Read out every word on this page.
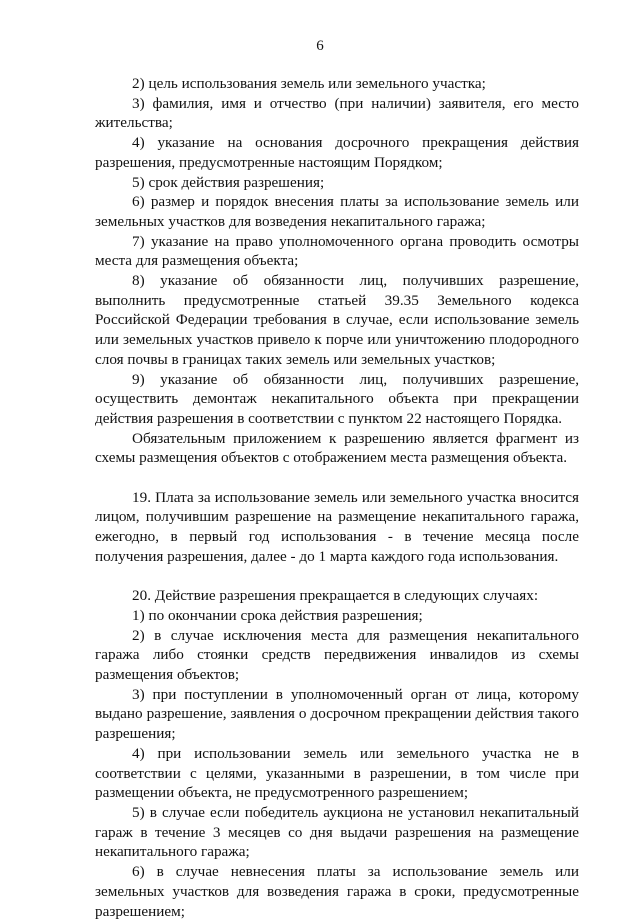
6

2) цель использования земель или земельного участка;

3) фамилия, имя и отчество (при наличии) заявителя, его место жительства;

4) указание на основания досрочного прекращения действия разрешения, предусмотренные настоящим Порядком;

5) срок действия разрешения;

6) размер и порядок внесения платы за использование земель или земельных участков для возведения некапитального гаража;

7) указание на право уполномоченного органа проводить осмотры места для размещения объекта;

8) указание об обязанности лиц, получивших разрешение, выполнить предусмотренные статьей 39.35 Земельного кодекса Российской Федерации требования в случае, если использование земель или земельных участков привело к порче или уничтожению плодородного слоя почвы в границах таких земель или земельных участков;

9) указание об обязанности лиц, получивших разрешение, осуществить демонтаж некапитального объекта при прекращении действия разрешения в соответствии с пунктом 22 настоящего Порядка.

Обязательным приложением к разрешению является фрагмент из схемы размещения объектов с отображением места размещения объекта.

19. Плата за использование земель или земельного участка вносится лицом, получившим разрешение на размещение некапитального гаража, ежегодно, в первый год использования - в течение месяца после получения разрешения, далее - до 1 марта каждого года использования.

20. Действие разрешения прекращается в следующих случаях:

1) по окончании срока действия разрешения;

2) в случае исключения места для размещения некапитального гаража либо стоянки средств передвижения инвалидов из схемы размещения объектов;

3) при поступлении в уполномоченный орган от лица, которому выдано разрешение, заявления о досрочном прекращении действия такого разрешения;

4) при использовании земель или земельного участка не в соответствии с целями, указанными в разрешении, в том числе при размещении объекта, не предусмотренного разрешением;

5) в случае если победитель аукциона не установил некапитальный гараж в течение 3 месяцев со дня выдачи разрешения на размещение некапитального гаража;

6) в случае невнесения платы за использование земель или земельных участков для возведения гаража в сроки, предусмотренные разрешением;
